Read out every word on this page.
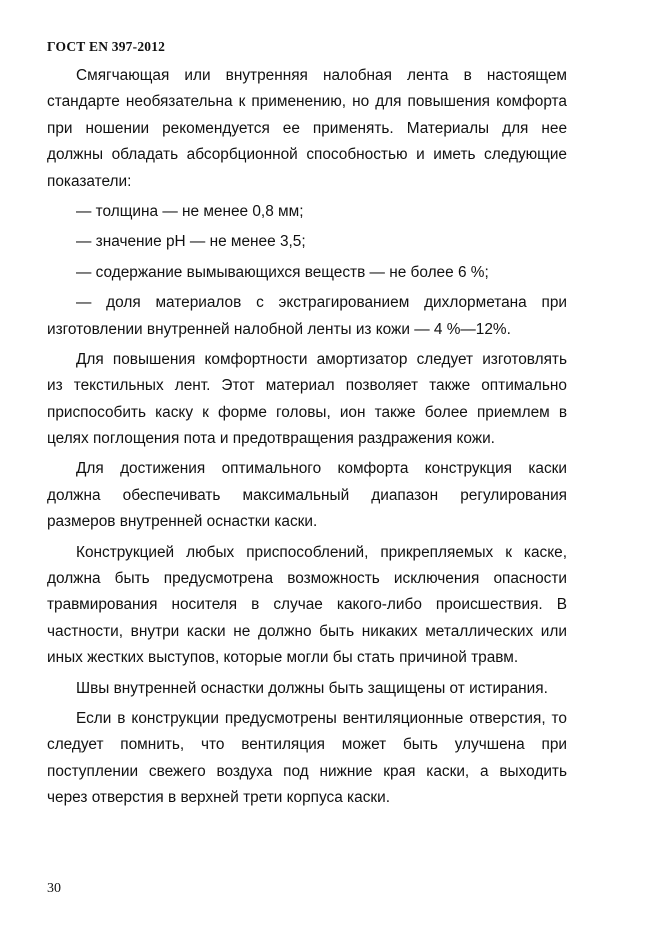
ГОСТ EN 397-2012
Смягчающая или внутренняя налобная лента в настоящем
стандарте необязательна к применению, но для повышения комфорта
при ношении рекомендуется ее применять. Материалы для нее
должны обладать абсорбционной способностью и иметь следующие
показатели:
— толщина — не менее 0,8 мм;
— значение pH — не менее 3,5;
— содержание вымывающихся веществ — не более 6 %;
— доля материалов с экстрагированием дихлорметана при
изготовлении внутренней налобной ленты из кожи — 4 %—12%.
Для повышения комфортности амортизатор следует изготовлять
из текстильных лент. Этот материал позволяет также оптимально
приспособить каску к форме головы, ион также более приемлем в
целях поглощения пота и предотвращения раздражения кожи.
Для достижения оптимального комфорта конструкция каски
должна обеспечивать максимальный диапазон регулирования
размеров внутренней оснастки каски.
Конструкцией любых приспособлений, прикрепляемых к каске,
должна быть предусмотрена возможность исключения опасности
травмирования носителя в случае какого-либо происшествия. В
частности, внутри каски не должно быть никаких металлических или
иных жестких выступов, которые могли бы стать причиной травм.
Швы внутренней оснастки должны быть защищены от истирания.
Если в конструкции предусмотрены вентиляционные отверстия, то
следует помнить, что вентиляция может быть улучшена при
поступлении свежего воздуха под нижние края каски, а выходить
через отверстия в верхней трети корпуса каски.
30
